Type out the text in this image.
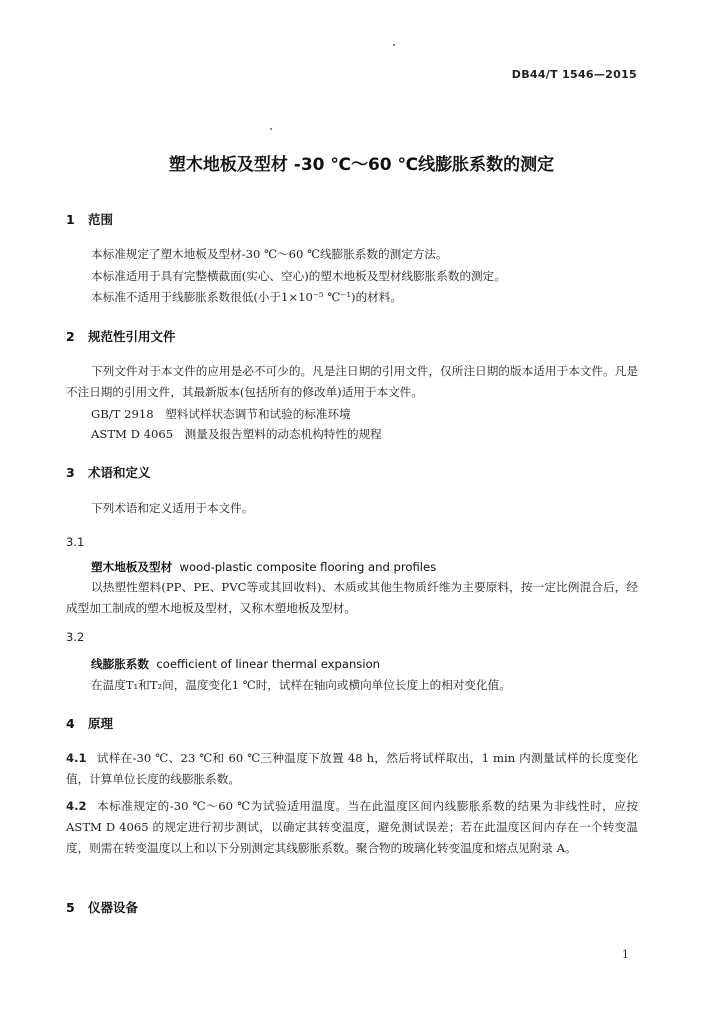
DB44/T 1546—2015
塑木地板及型材 -30 ℃～60 ℃线膨胀系数的测定
1 范围
本标准规定了塑木地板及型材-30 ℃～60 ℃线膨胀系数的测定方法。
本标准适用于具有完整横截面(实心、空心)的塑木地板及型材线膨胀系数的测定。
本标准不适用于线膨胀系数很低(小于1×10⁻⁵ ℃⁻¹)的材料。
2 规范性引用文件
下列文件对于本文件的应用是必不可少的。凡是注日期的引用文件，仅所注日期的版本适用于本文件。凡是不注日期的引用文件，其最新版本(包括所有的修改单)适用于本文件。
GB/T 2918　塑料试样状态调节和试验的标准环境
ASTM D 4065　测量及报告塑料的动态机构特性的规程
3 术语和定义
下列术语和定义适用于本文件。
3.1
塑木地板及型材 wood-plastic composite flooring and profiles
以热塑性塑料(PP、PE、PVC等或其回收料)、木质或其他生物质纤维为主要原料，按一定比例混合后，经成型加工制成的塑木地板及型材，又称木塑地板及型材。
3.2
线膨胀系数 coefficient of linear thermal expansion
在温度T₁和T₂间，温度变化1 ℃时，试样在轴向或横向单位长度上的相对变化值。
4 原理
4.1 试样在-30 ℃、23 ℃和 60 ℃三种温度下放置 48 h，然后将试样取出，1 min 内测量试样的长度变化值，计算单位长度的线膨胀系数。
4.2 本标准规定的-30 ℃～60 ℃为试验适用温度。当在此温度区间内线膨胀系数的结果为非线性时，应按 ASTM D 4065 的规定进行初步测试，以确定其转变温度，避免测试误差；若在此温度区间内存在一个转变温度，则需在转变温度以上和以下分别测定其线膨胀系数。聚合物的玻璃化转变温度和熔点见附录 A。
5 仪器设备
1
